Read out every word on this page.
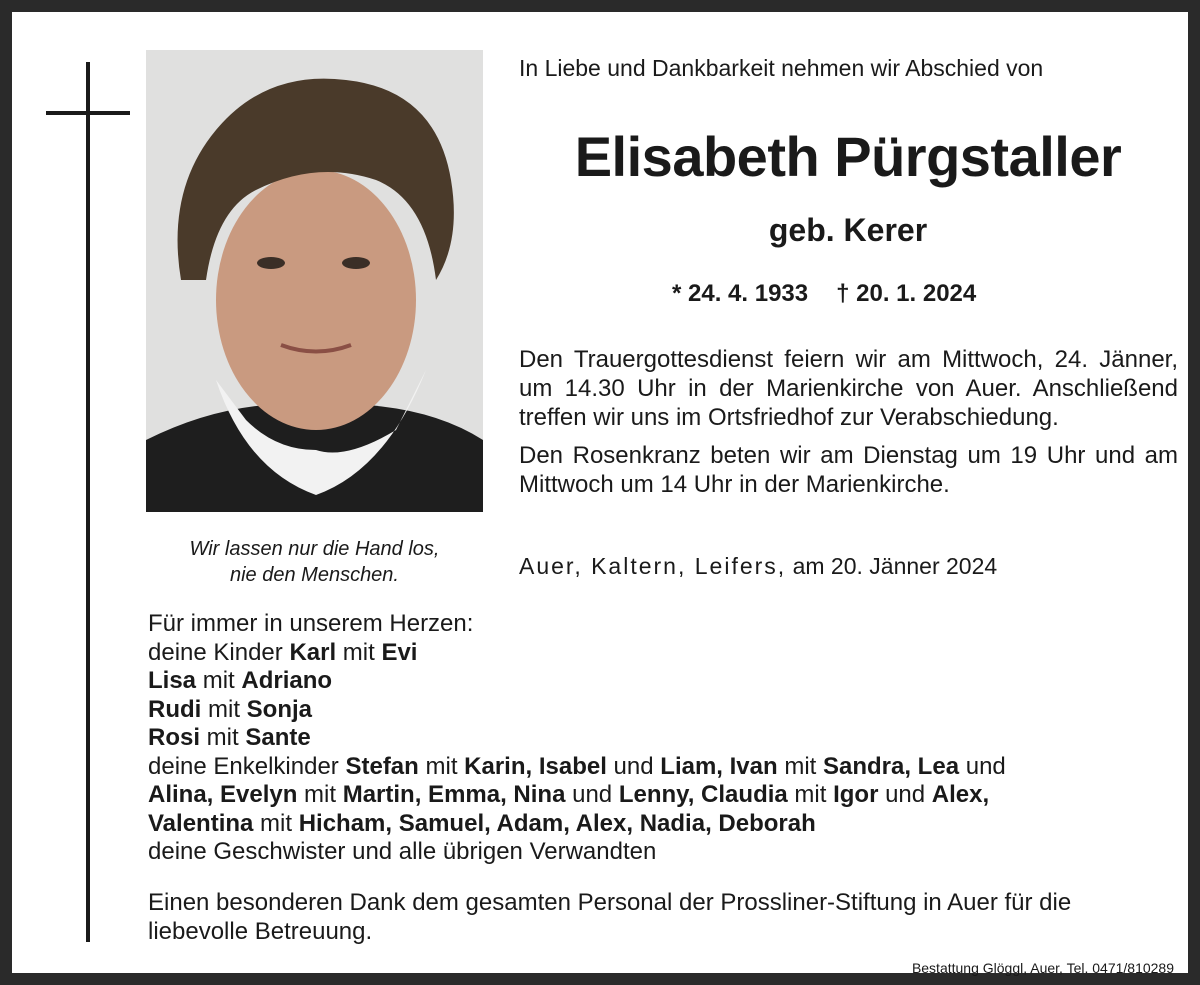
Wir lassen nur die Hand los,
nie den Menschen.
In Liebe und Dankbarkeit nehmen wir Abschied von
Elisabeth Pürgstaller
geb. Kerer
* 24. 4. 1933 † 20. 1. 2024

Den Trauergottesdienst feiern wir am Mittwoch, 24. Jänner, um 14.30 Uhr in der Marienkirche von Auer. Anschließend treffen wir uns im Ortsfriedhof zur Verabschiedung.

Den Rosenkranz beten wir am Dienstag um 19 Uhr und am Mittwoch um 14 Uhr in der Marienkirche.

Auer, Kaltern, Leifers, am 20. Jänner 2024
Für immer in unserem Herzen:
deine Kinder Karl mit Evi
Lisa mit Adriano
Rudi mit Sonja
Rosi mit Sante
deine Enkelkinder Stefan mit Karin, Isabel und Liam, Ivan mit Sandra, Lea und
Alina, Evelyn mit Martin, Emma, Nina und Lenny, Claudia mit Igor und Alex,
Valentina mit Hicham, Samuel, Adam, Alex, Nadia, Deborah
deine Geschwister und alle übrigen Verwandten
Einen besonderen Dank dem gesamten Personal der Prossliner-Stiftung in Auer für die liebevolle Betreuung.
Bestattung Glöggl, Auer, Tel. 0471/810289
